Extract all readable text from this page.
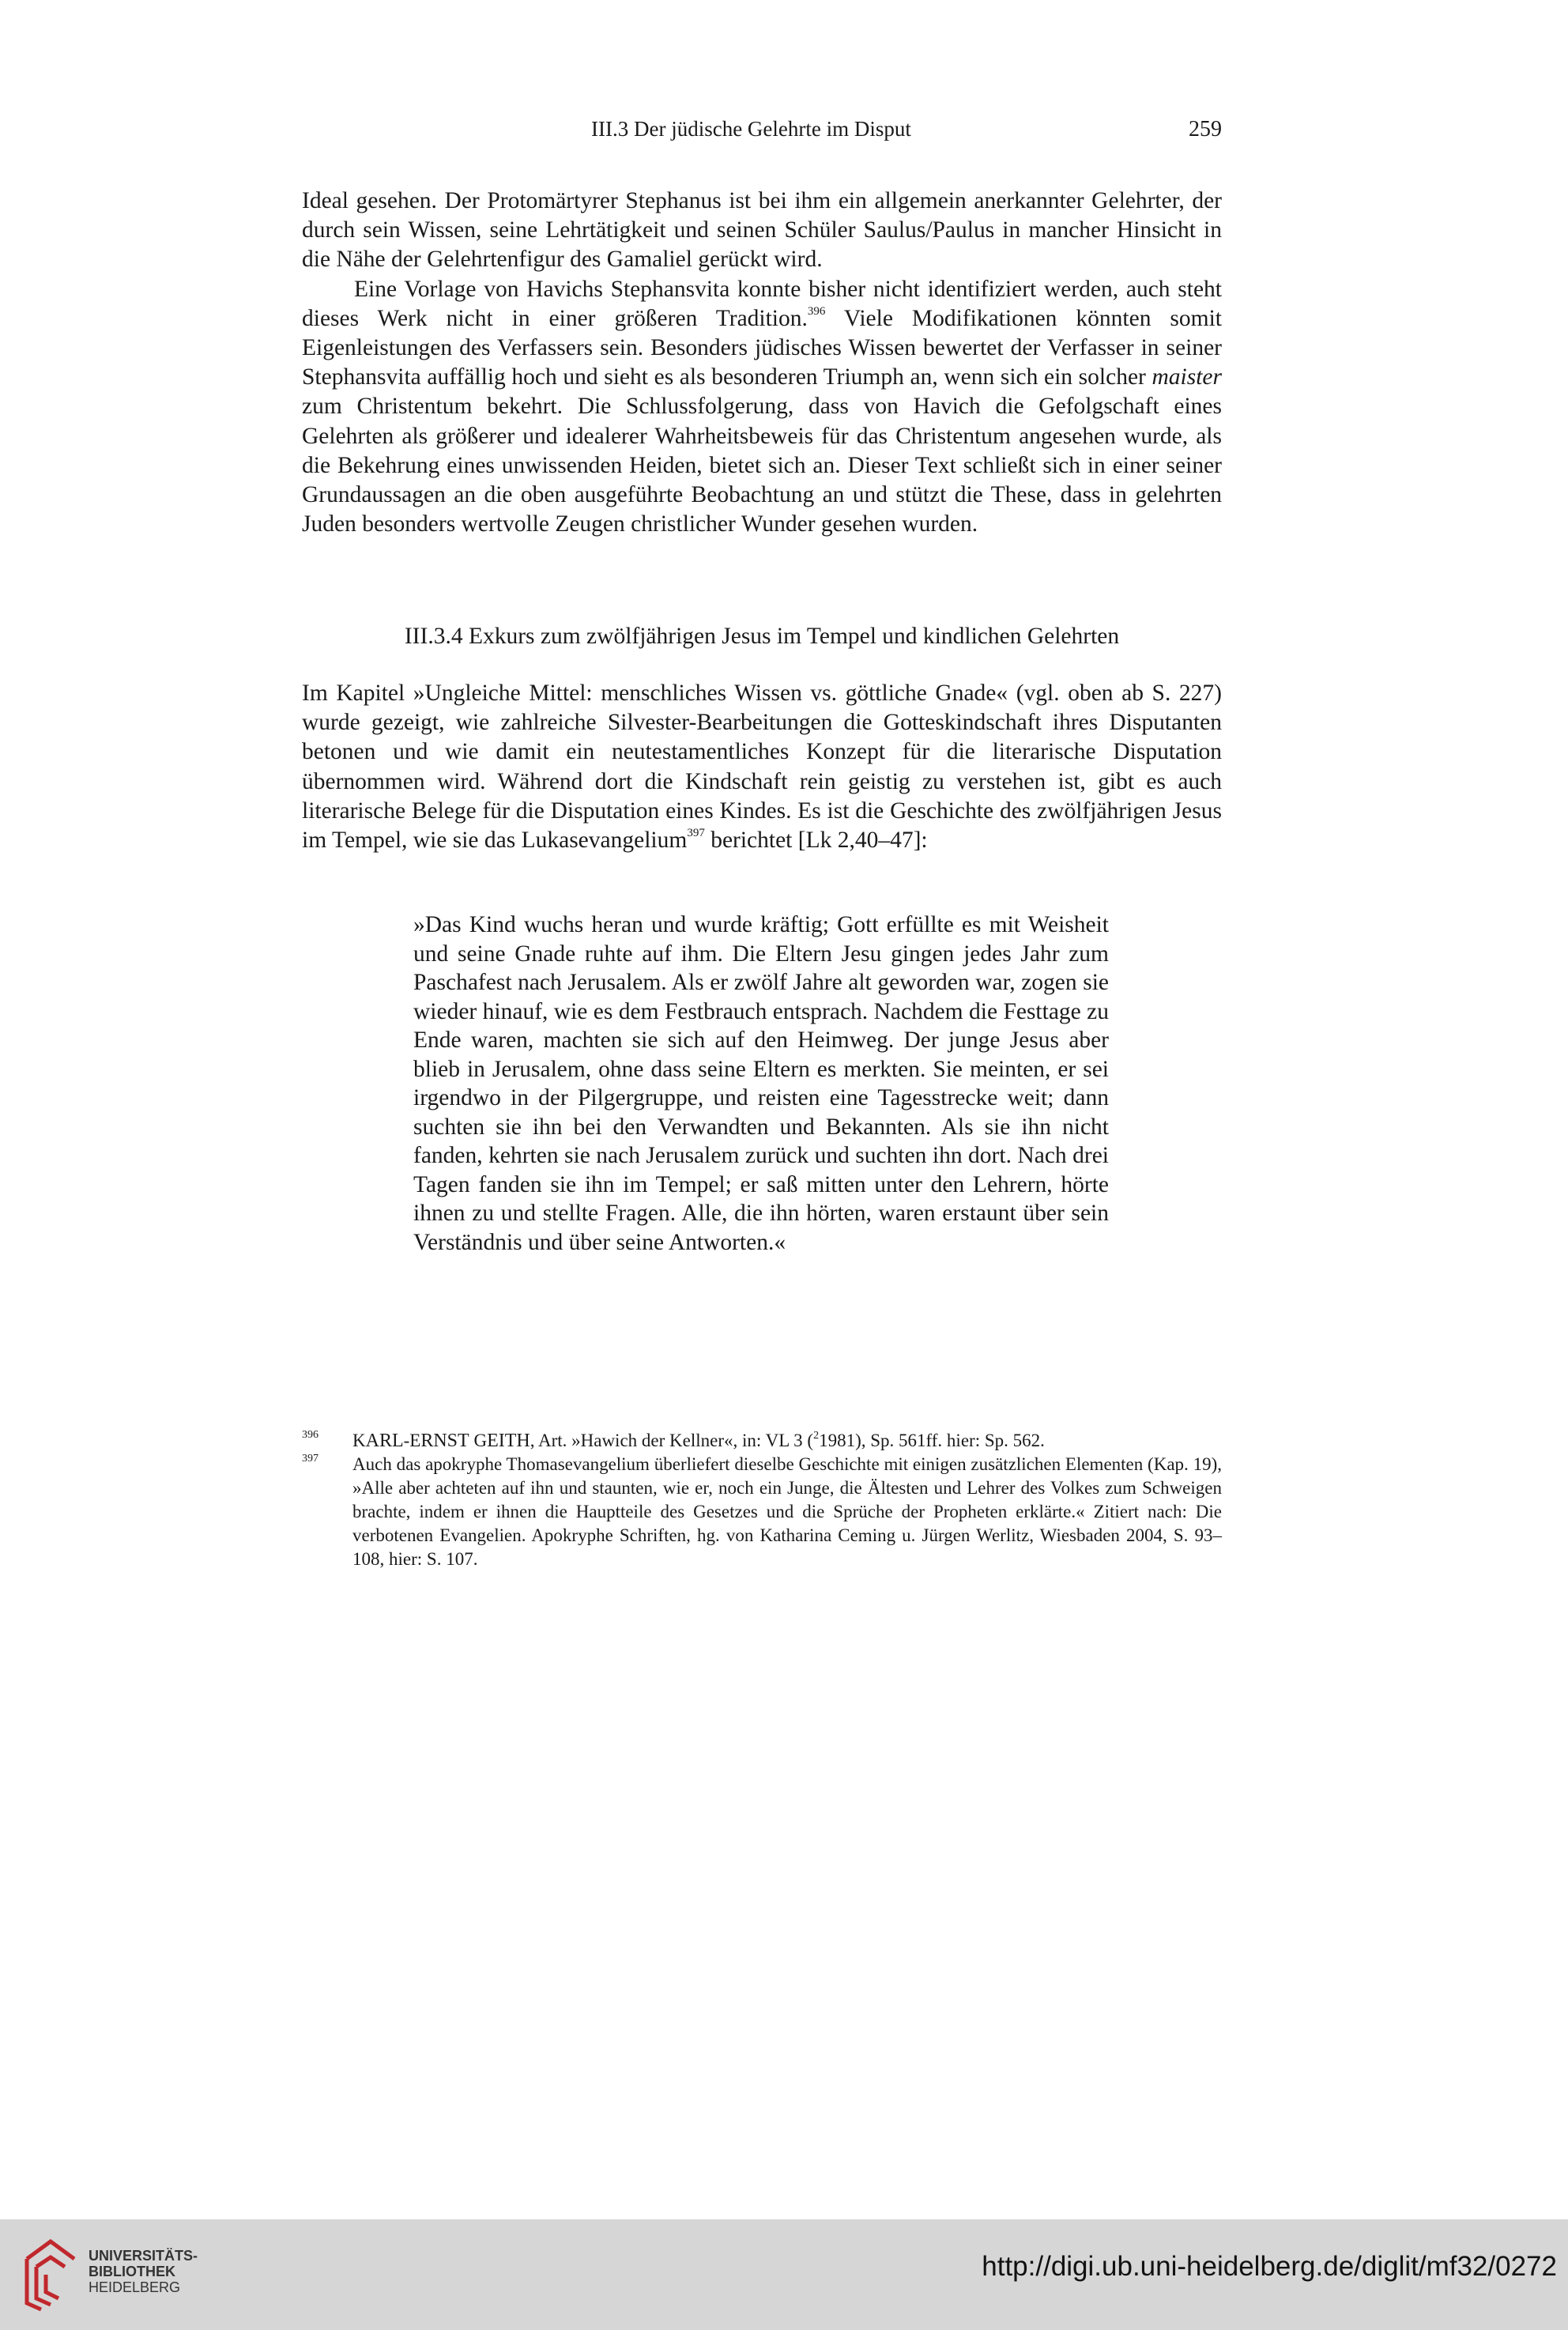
III.3 Der jüdische Gelehrte im Disput	259

Ideal gesehen. Der Protomärtyrer Stephanus ist bei ihm ein allgemein anerkannter Gelehrter, der durch sein Wissen, seine Lehrtätigkeit und seinen Schüler Saulus/Paulus in mancher Hinsicht in die Nähe der Gelehrtenfigur des Gamaliel gerückt wird.

Eine Vorlage von Havichs Stephansvita konnte bisher nicht identifiziert werden, auch steht dieses Werk nicht in einer größeren Tradition.$^{396}$ Viele Modifikationen könnten somit Eigenleistungen des Verfassers sein. Besonders jüdisches Wissen bewertet der Verfasser in seiner Stephansvita auffällig hoch und sieht es als besonderen Triumph an, wenn sich ein solcher maister zum Christentum bekehrt. Die Schlussfolgerung, dass von Havich die Gefolgschaft eines Gelehrten als größerer und idealerer Wahrheitsbeweis für das Christentum angesehen wurde, als die Bekehrung eines unwissenden Heiden, bietet sich an. Dieser Text schließt sich in einer seiner Grundaussagen an die oben ausgeführte Beobachtung an und stützt die These, dass in gelehrten Juden besonders wertvolle Zeugen christlicher Wunder gesehen wurden.

III.3.4 Exkurs zum zwölfjährigen Jesus im Tempel und kindlichen Gelehrten

Im Kapitel »Ungleiche Mittel: menschliches Wissen vs. göttliche Gnade« (vgl. oben ab S. 227) wurde gezeigt, wie zahlreiche Silvester-Bearbeitungen die Gotteskindschaft ihres Disputanten betonen und wie damit ein neutestamentliches Konzept für die literarische Disputation übernommen wird. Während dort die Kindschaft rein geistig zu verstehen ist, gibt es auch literarische Belege für die Disputation eines Kindes. Es ist die Geschichte des zwölfjährigen Jesus im Tempel, wie sie das Lukasevangelium$^{397}$ berichtet [Lk 2,40–47]:

»Das Kind wuchs heran und wurde kräftig; Gott erfüllte es mit Weisheit und seine Gnade ruhte auf ihm. Die Eltern Jesu gingen jedes Jahr zum Paschafest nach Jerusalem. Als er zwölf Jahre alt geworden war, zogen sie wieder hinauf, wie es dem Festbrauch entsprach. Nachdem die Festtage zu Ende waren, machten sie sich auf den Heimweg. Der junge Jesus aber blieb in Jerusalem, ohne dass seine Eltern es merkten. Sie meinten, er sei irgendwo in der Pilgergruppe, und reisten eine Tagesstrecke weit; dann suchten sie ihn bei den Verwandten und Bekannten. Als sie ihn nicht fanden, kehrten sie nach Jerusalem zurück und suchten ihn dort. Nach drei Tagen fanden sie ihn im Tempel; er saß mitten unter den Lehrern, hörte ihnen zu und stellte Fragen. Alle, die ihn hörten, waren erstaunt über sein Verständnis und über seine Antworten.«
396 KARL-ERNST GEITH, Art. »Hawich der Kellner«, in: VL 3 ($^2$1981), Sp. 561ff. hier: Sp. 562.
397 Auch das apokryphe Thomasevangelium überliefert dieselbe Geschichte mit einigen zusätzlichen Elementen (Kap. 19), »Alle aber achteten auf ihn und staunten, wie er, noch ein Junge, die Ältesten und Lehrer des Volkes zum Schweigen brachte, indem er ihnen die Hauptteile des Gesetzes und die Sprüche der Propheten erklärte.« Zitiert nach: Die verbotenen Evangelien. Apokryphe Schriften, hg. von Katharina Ceming u. Jürgen Werlitz, Wiesbaden 2004, S. 93–108, hier: S. 107.
UNIVERSITÄTS-
BIBLIOTHEK
HEIDELBERG
http://digi.ub.uni-heidelberg.de/diglit/mf32/0272
